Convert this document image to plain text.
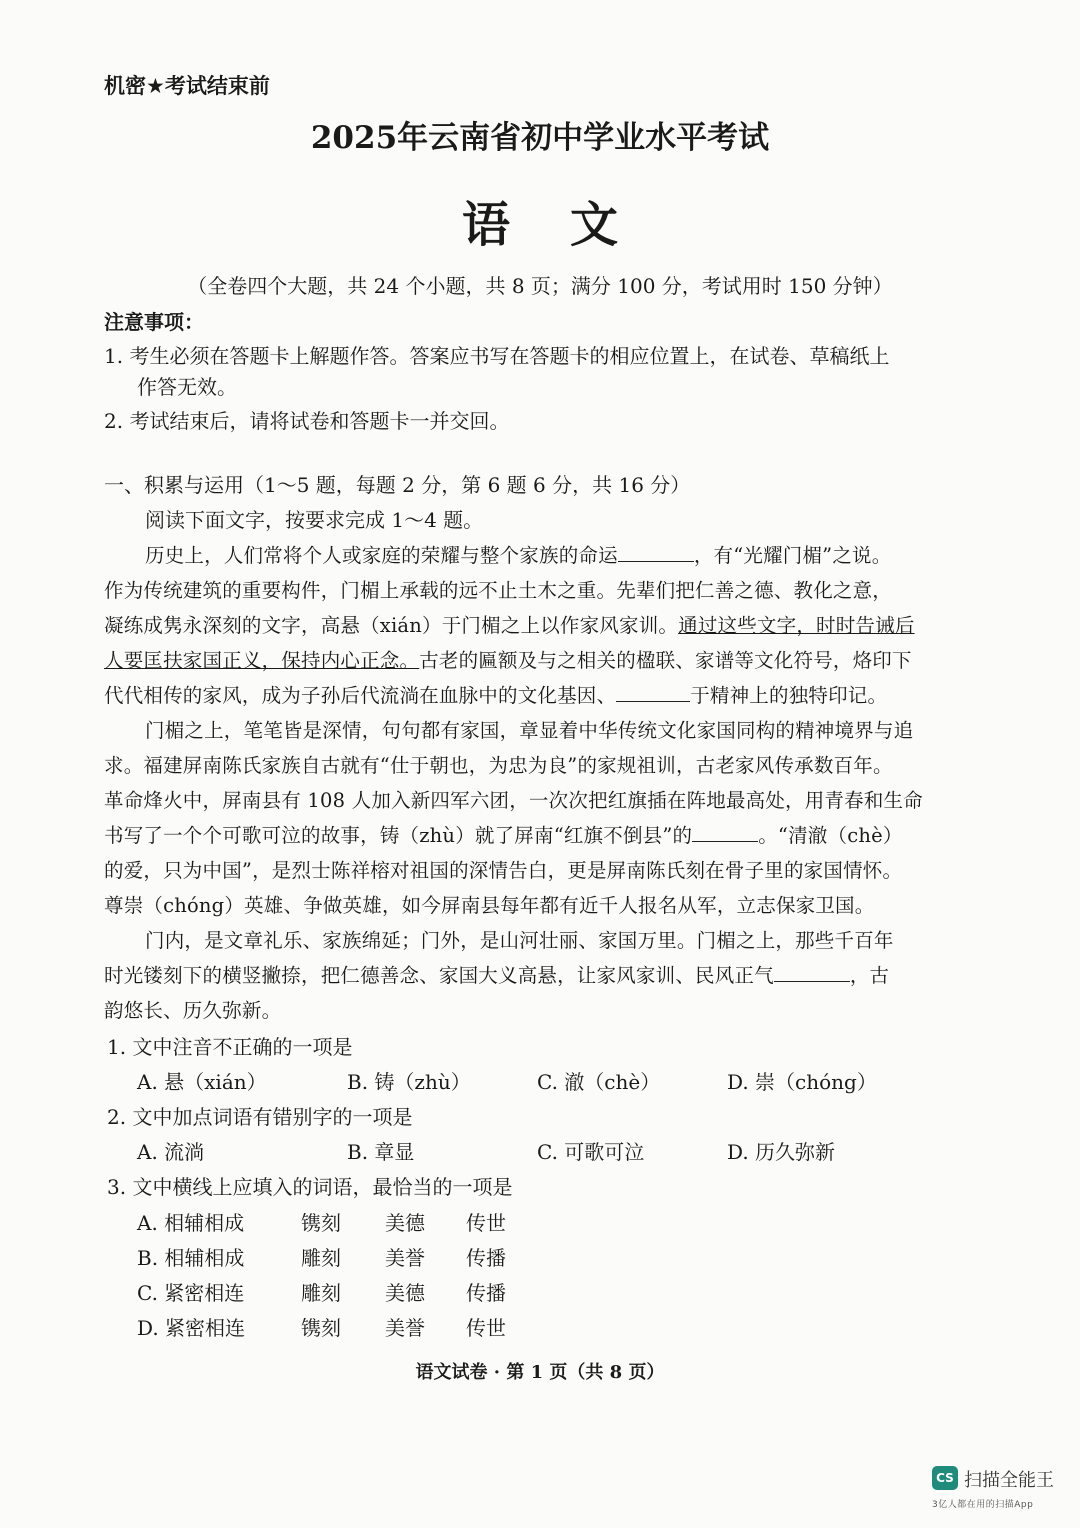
机密★考试结束前
2025年云南省初中学业水平考试
语 文
（全卷四个大题，共 24 个小题，共 8 页；满分 100 分，考试用时 150 分钟）
注意事项：
1. 考生必须在答题卡上解题作答。答案应书写在答题卡的相应位置上，在试卷、草稿纸上
作答无效。
2. 考试结束后，请将试卷和答题卡一并交回。
一、积累与运用（1～5 题，每题 2 分，第 6 题 6 分，共 16 分）
阅读下面文字，按要求完成 1～4 题。
历史上，人们常将个人或家庭的荣耀与整个家族的命运	，有“光耀门楣”之说。
作为传统建筑的重要构件，门楣上承载的远不止土木之重。先辈们把仁善之德、教化之意，
凝练成隽永深刻的文字，高悬（xián）于门楣之上以作家风家训。通过这些文字，时时告诫后
人要匡扶家国正义，保持内心正念。古老的匾额及与之相关的楹联、家谱等文化符号，烙印下
代代相传的家风，成为子孙后代流淌在血脉中的文化基因、	于精神上的独特印记。
门楣之上，笔笔皆是深情，句句都有家国，章显着中华传统文化家国同构的精神境界与追
求。福建屏南陈氏家族自古就有“仕于朝也，为忠为良”的家规祖训，古老家风传承数百年。
革命烽火中，屏南县有 108 人加入新四军六团，一次次把红旗插在阵地最高处，用青春和生命
书写了一个个可歌可泣的故事，铸（zhù）就了屏南“红旗不倒县”的	。“清澈（chè）
的爱，只为中国”，是烈士陈祥榕对祖国的深情告白，更是屏南陈氏刻在骨子里的家国情怀。
尊崇（chóng）英雄、争做英雄，如今屏南县每年都有近千人报名从军，立志保家卫国。
门内，是文章礼乐、家族绵延；门外，是山河壮丽、家国万里。门楣之上，那些千百年
时光镂刻下的横竖撇捺，把仁德善念、家国大义高悬，让家风家训、民风正气	，古
韵悠长、历久弥新。
1. 文中注音不正确的一项是
A. 悬（xián）	B. 铸（zhù）	C. 澈（chè）	D. 崇（chóng）
2. 文中加点词语有错别字的一项是
A. 流淌	B. 章显	C. 可歌可泣	D. 历久弥新
3. 文中横线上应填入的词语，最恰当的一项是
A. 相辅相成	镌刻 美德 传世
B. 相辅相成	雕刻 美誉 传播
C. 紧密相连	雕刻 美德 传播
D. 紧密相连	镌刻 美誉 传世
语文试卷 · 第 1 页（共 8 页）
CS 扫描全能王
3亿人都在用的扫描App
